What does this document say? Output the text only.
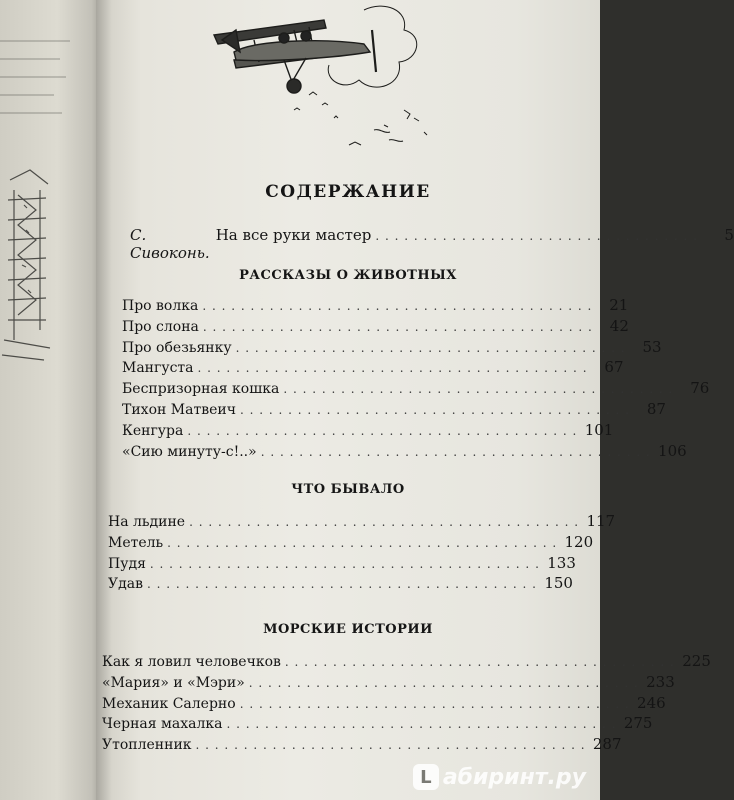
СОДЕРЖАНИЕ
С. Сивоконь.
На все руки мастер . . . . . . . . . . . . . . . . . . . . . . . . . . . . . . . . . .	5
РАССКАЗЫ О ЖИВОТНЫХ
Про волка . . . . . . . . . . . . . . . . . . . . . . . . . . . . . . . . . . . . . . . . .	21
Про слона . . . . . . . . . . . . . . . . . . . . . . . . . . . . . . . . . . . . . . . . .	42
Про обезьянку . . . . . . . . . . . . . . . . . . . . . . . . . . . . . . . . . . . . . . . . .	53
Мангуста . . . . . . . . . . . . . . . . . . . . . . . . . . . . . . . . . . . . . . . . .	67
Беспризорная кошка . . . . . . . . . . . . . . . . . . . . . . . . . . . . . . . . . . . . . . . . .	76
Тихон Матвеич . . . . . . . . . . . . . . . . . . . . . . . . . . . . . . . . . . . . . . . . .	87
Кенгура . . . . . . . . . . . . . . . . . . . . . . . . . . . . . . . . . . . . . . . . . 101
«Сию минуту-с!..» . . . . . . . . . . . . . . . . . . . . . . . . . . . . . . . . . . . . . . . . . 106
ЧТО БЫВАЛО
На льдине . . . . . . . . . . . . . . . . . . . . . . . . . . . . . . . . . . . . . . . . . 117
Метель . . . . . . . . . . . . . . . . . . . . . . . . . . . . . . . . . . . . . . . . . 120
Пудя . . . . . . . . . . . . . . . . . . . . . . . . . . . . . . . . . . . . . . . . . 133
Удав . . . . . . . . . . . . . . . . . . . . . . . . . . . . . . . . . . . . . . . . . 150
МОРСКИЕ ИСТОРИИ
Как я ловил человечков . . . . . . . . . . . . . . . . . . . . . . . . . . . . . . . . . . . . . . . . . 225
«Мария» и «Мэри» . . . . . . . . . . . . . . . . . . . . . . . . . . . . . . . . . . . . . . . . . 233
Механик Салерно . . . . . . . . . . . . . . . . . . . . . . . . . . . . . . . . . . . . . . . . . 246
Черная махалка . . . . . . . . . . . . . . . . . . . . . . . . . . . . . . . . . . . . . . . . . 275
Утопленник . . . . . . . . . . . . . . . . . . . . . . . . . . . . . . . . . . . . . . . . . 287
L абиринт.ру
